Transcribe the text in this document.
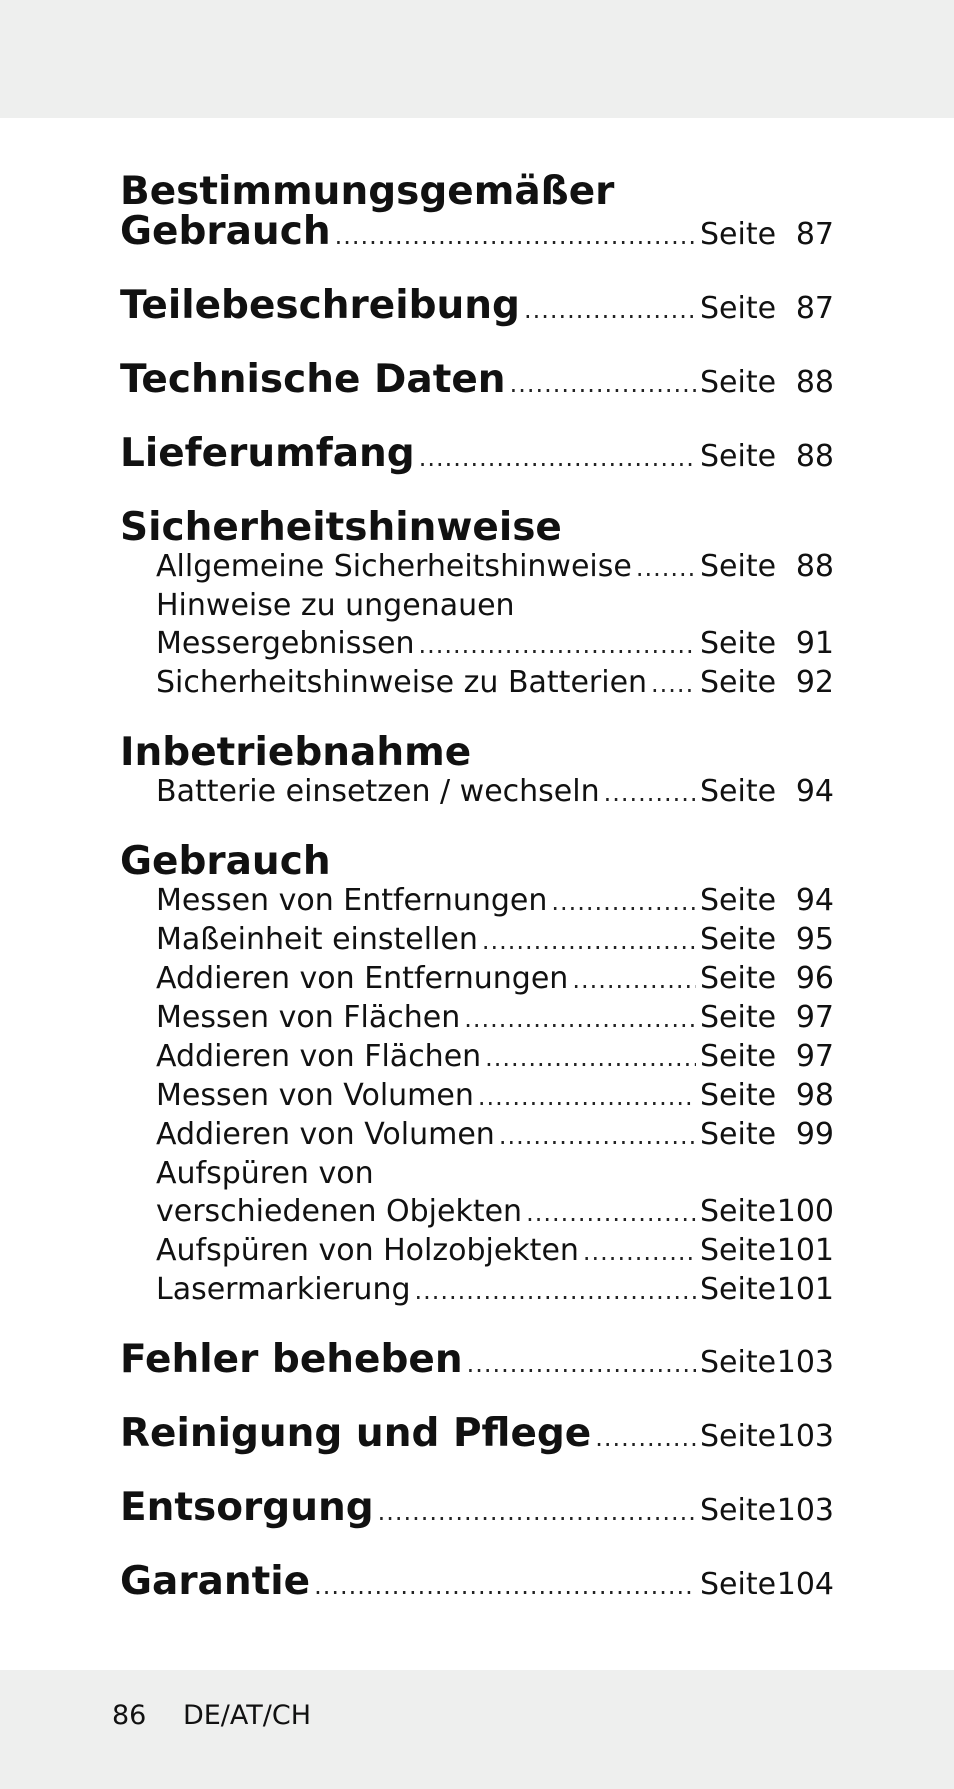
Bestimmungsgemäßer
Gebrauch .....	Seite 87
Teilebeschreibung .....	Seite 87
Technische Daten .....	Seite 88
Lieferumfang .....	Seite 88
Sicherheitshinweise
Allgemeine Sicherheitshinweise ..... Seite 88
Hinweise zu ungenauen
Messergebnissen .....	Seite 91
Sicherheitshinweise zu Batterien ..... Seite 92
Inbetriebnahme
Batterie einsetzen / wechseln .....	Seite 94
Gebrauch
Messen von Entfernungen .....	Seite 94
Maßeinheit einstellen .....	Seite 95
Addieren von Entfernungen .....	Seite 96
Messen von Flächen .....	Seite 97
Addieren von Flächen .....	Seite 97
Messen von Volumen .....	Seite 98
Addieren von Volumen .....	Seite 99
Aufspüren von
verschiedenen Objekten .....	Seite 100
Aufspüren von Holzobjekten .....	Seite 101
Lasermarkierung .....	Seite 101
Fehler beheben .....	Seite 103
Reinigung und Pflege .....	Seite 103
Entsorgung .....	Seite 103
Garantie .....	Seite 104
86 DE/AT/CH
